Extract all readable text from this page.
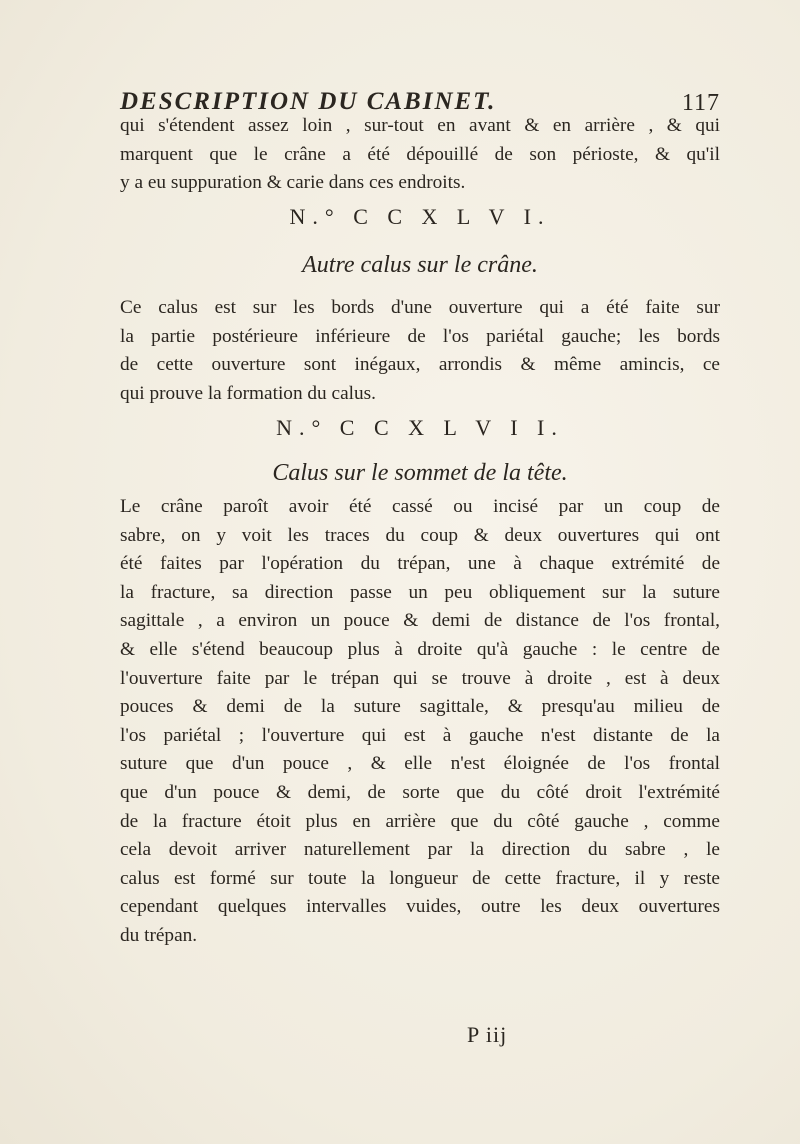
DESCRIPTION DU CABINET.	117
qui s'étendent assez loin , sur-tout en avant & en arrière , & qui
marquent que le crâne a été dépouillé de son périoste, & qu'il
y a eu suppuration & carie dans ces endroits.
N.° C C X L V I.
Autre calus sur le crâne.
Ce calus est sur les bords d'une ouverture qui a été faite sur
la partie postérieure inférieure de l'os pariétal gauche; les bords
de cette ouverture sont inégaux, arrondis & même amincis, ce
qui prouve la formation du calus.
N.° C C X L V I I.
Calus sur le sommet de la tête.
Le crâne paroît avoir été cassé ou incisé par un coup de
sabre, on y voit les traces du coup & deux ouvertures qui ont
été faites par l'opération du trépan, une à chaque extrémité de
la fracture, sa direction passe un peu obliquement sur la suture
sagittale , a environ un pouce & demi de distance de l'os frontal,
& elle s'étend beaucoup plus à droite qu'à gauche : le centre de
l'ouverture faite par le trépan qui se trouve à droite , est à deux
pouces & demi de la suture sagittale, & presqu'au milieu de
l'os pariétal ; l'ouverture qui est à gauche n'est distante de la
suture que d'un pouce , & elle n'est éloignée de l'os frontal
que d'un pouce & demi, de sorte que du côté droit l'extrémité
de la fracture étoit plus en arrière que du côté gauche , comme
cela devoit arriver naturellement par la direction du sabre , le
calus est formé sur toute la longueur de cette fracture, il y reste
cependant quelques intervalles vuides, outre les deux ouvertures
du trépan.
P iij
